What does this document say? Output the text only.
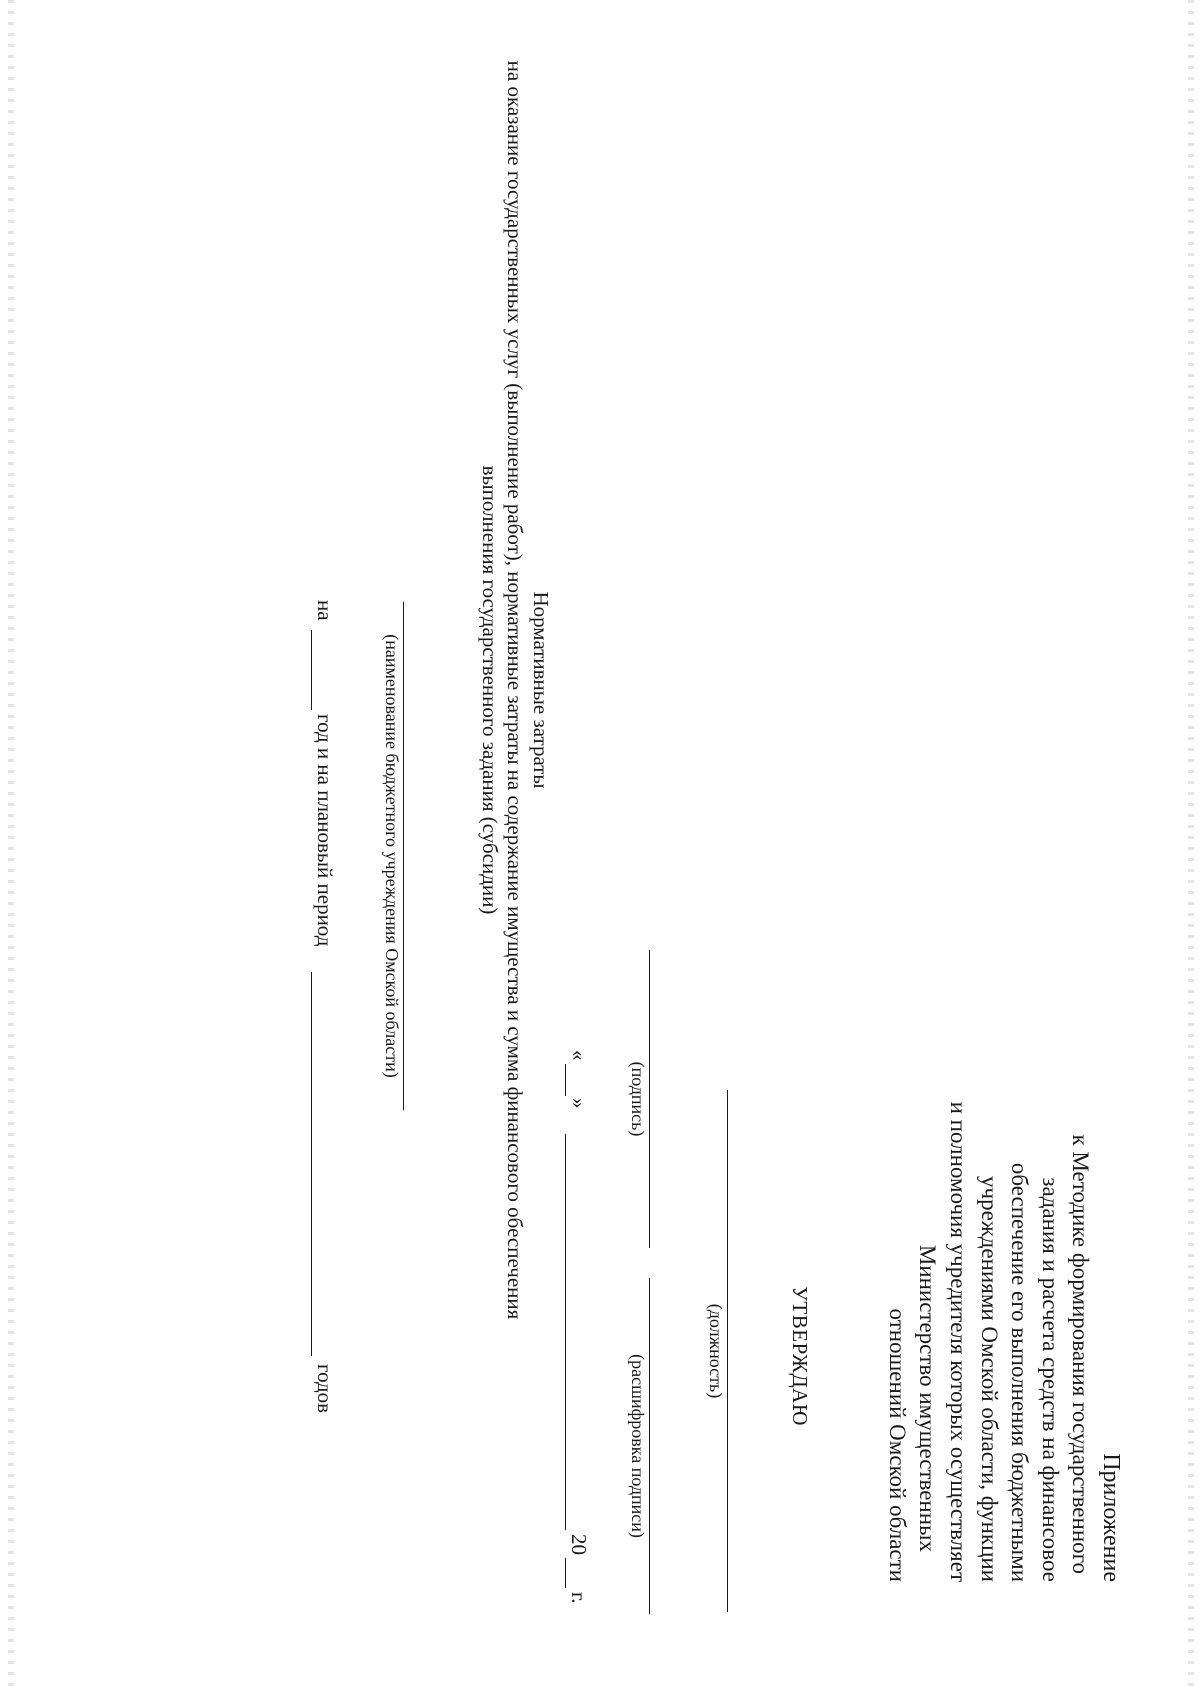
Приложение
к Методике формирования государственного
задания и расчета средств на финансовое
обеспечение его выполнения бюджетными
учреждениями Омской области, функции
и полномочия учредителя которых осуществляет
Министерство имущественных
отношений Омской области
УТВЕРЖДАЮ
(должность)
(подпись)
(расшифровка подписи)
«
»
20
г.
Нормативные затраты
на оказание государственных услуг (выполнение работ), нормативные затраты на содержание имущества и сумма финансового обеспечения
выполнения государственного задания (субсидии)
(наименование бюджетного учреждения Омской области)
на
год и на плановый период
годов
